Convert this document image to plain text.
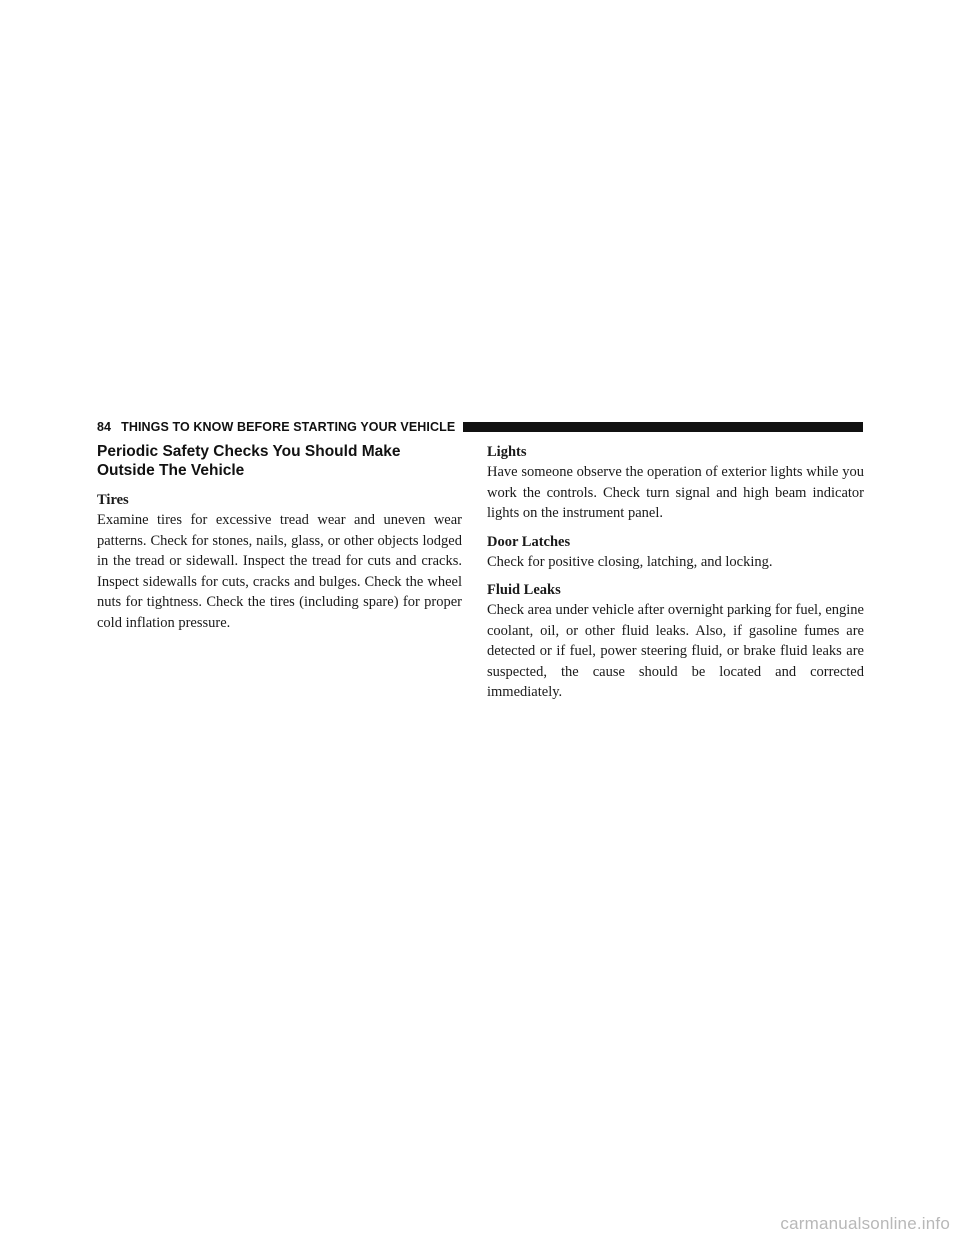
84 THINGS TO KNOW BEFORE STARTING YOUR VEHICLE
Periodic Safety Checks You Should Make Outside The Vehicle

Tires

Examine tires for excessive tread wear and uneven wear patterns. Check for stones, nails, glass, or other objects lodged in the tread or sidewall. Inspect the tread for cuts and cracks. Inspect sidewalls for cuts, cracks and bulges. Check the wheel nuts for tightness. Check the tires (including spare) for proper cold inflation pressure.

Lights

Have someone observe the operation of exterior lights while you work the controls. Check turn signal and high beam indicator lights on the instrument panel.

Door Latches

Check for positive closing, latching, and locking.

Fluid Leaks

Check area under vehicle after overnight parking for fuel, engine coolant, oil, or other fluid leaks. Also, if gasoline fumes are detected or if fuel, power steering fluid, or brake fluid leaks are suspected, the cause should be located and corrected immediately.

carmanualsonline.info
